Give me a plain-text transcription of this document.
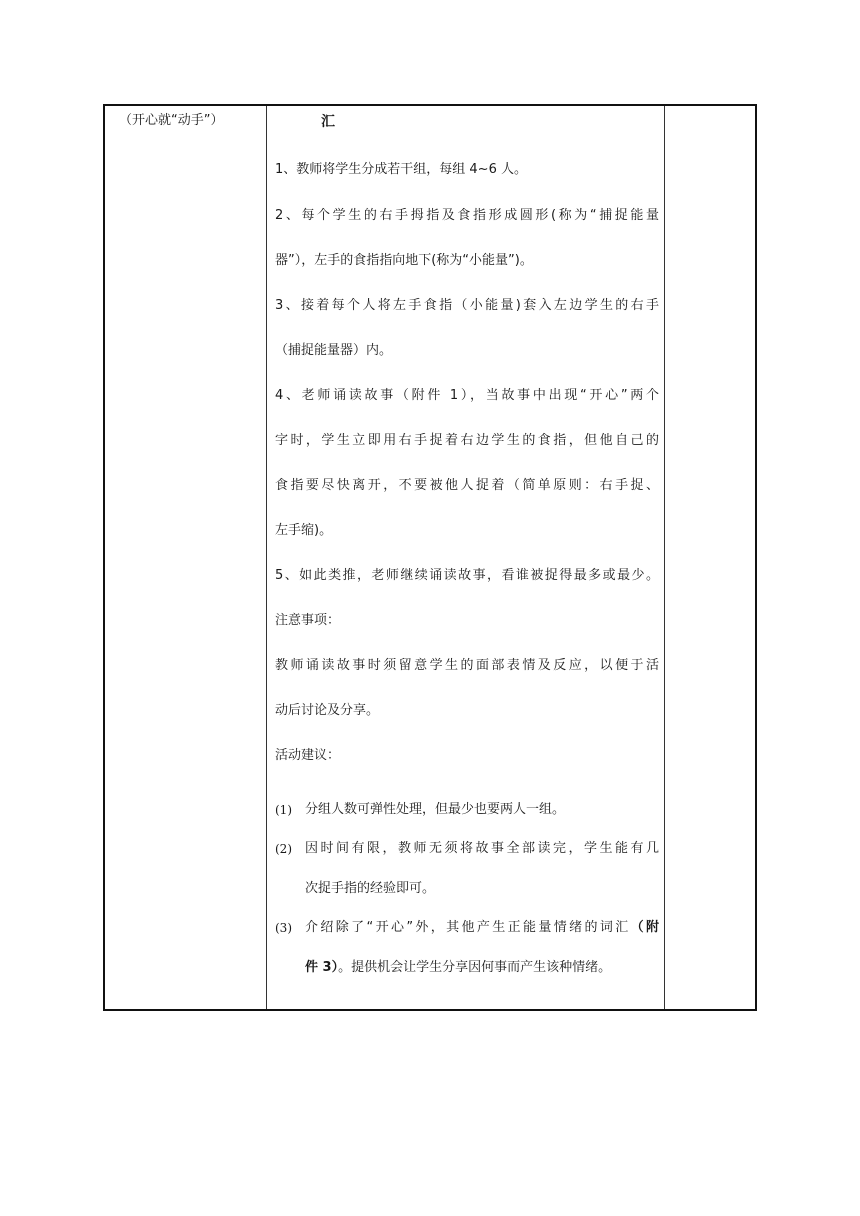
（开心就“动手”）	汇
1、教师将学生分成若干组，每组 4~6 人。
2、每个学生的右手拇指及食指形成圆形(称为“捕捉能量
器”），左手的食指指向地下(称为“小能量”)。
3、接着每个人将左手食指（小能量)套入左边学生的右手
（捕捉能量器）内。
4、老师诵读故事（附件 1），当故事中出现“开心”两个
字时，学生立即用右手捉着右边学生的食指，但他自己的
食指要尽快离开，不要被他人捉着（简单原则：右手捉、
左手缩)。
5、如此类推，老师继续诵读故事，看谁被捉得最多或最少。
注意事项：
教师诵读故事时须留意学生的面部表情及反应，以便于活
动后讨论及分享。
活动建议：
(1) 分组人数可弹性处理，但最少也要两人一组。
(2) 因时间有限，教师无须将故事全部读完，学生能有几
次捉手指的经验即可。
(3) 介绍除了“开心”外，其他产生正能量情绪的词汇（附
件 3）。提供机会让学生分享因何事而产生该种情绪。
